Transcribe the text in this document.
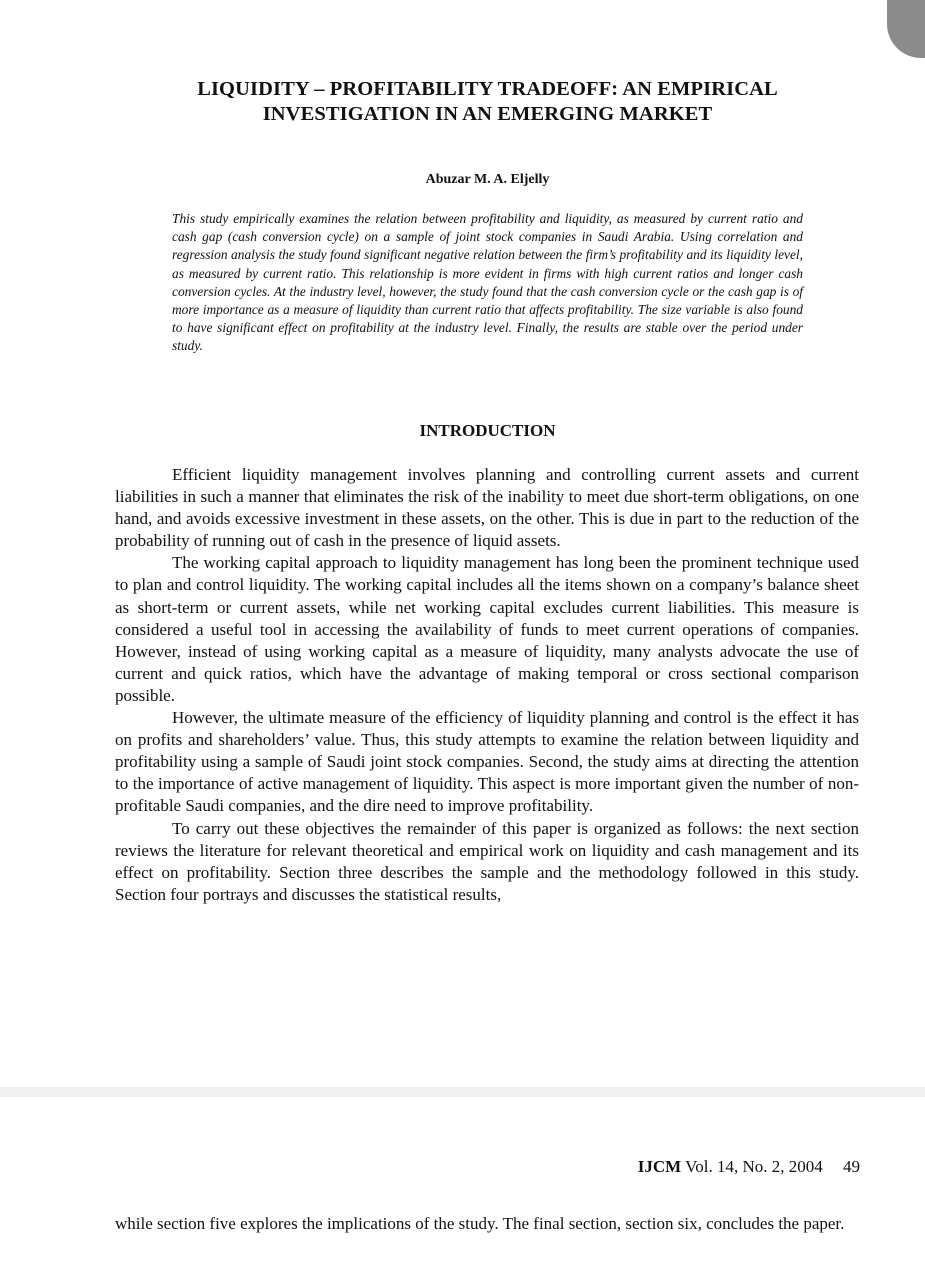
LIQUIDITY – PROFITABILITY TRADEOFF: AN EMPIRICAL
INVESTIGATION IN AN EMERGING MARKET
Abuzar M. A. Eljelly
This study empirically examines the relation between profitability and liquidity, as measured by current ratio and cash gap (cash conversion cycle) on a sample of joint stock companies in Saudi Arabia. Using correlation and regression analysis the study found significant negative relation between the firm’s profitability and its liquidity level, as measured by current ratio. This relationship is more evident in firms with high current ratios and longer cash conversion cycles. At the industry level, however, the study found that the cash conversion cycle or the cash gap is of more importance as a measure of liquidity than current ratio that affects profitability. The size variable is also found to have significant effect on profitability at the industry level. Finally, the results are stable over the period under study.
INTRODUCTION

Efficient liquidity management involves planning and controlling current assets and current liabilities in such a manner that eliminates the risk of the inability to meet due short-term obligations, on one hand, and avoids excessive investment in these assets, on the other. This is due in part to the reduction of the probability of running out of cash in the presence of liquid assets.

The working capital approach to liquidity management has long been the prominent technique used to plan and control liquidity. The working capital includes all the items shown on a company’s balance sheet as short-term or current assets, while net working capital excludes current liabilities. This measure is considered a useful tool in accessing the availability of funds to meet current operations of companies. However, instead of using working capital as a measure of liquidity, many analysts advocate the use of current and quick ratios, which have the advantage of making temporal or cross sectional comparison possible.

However, the ultimate measure of the efficiency of liquidity planning and control is the effect it has on profits and shareholders’ value. Thus, this study attempts to examine the relation between liquidity and profitability using a sample of Saudi joint stock companies. Second, the study aims at directing the attention to the importance of active management of liquidity. This aspect is more important given the number of non-profitable Saudi companies, and the dire need to improve profitability.

To carry out these objectives the remainder of this paper is organized as follows: the next section reviews the literature for relevant theoretical and empirical work on liquidity and cash management and its effect on profitability. Section three describes the sample and the methodology followed in this study. Section four portrays and discusses the statistical results,

IJCM Vol. 14, No. 2, 2004 49
while section five explores the implications of the study. The final section, section six, concludes the paper.
